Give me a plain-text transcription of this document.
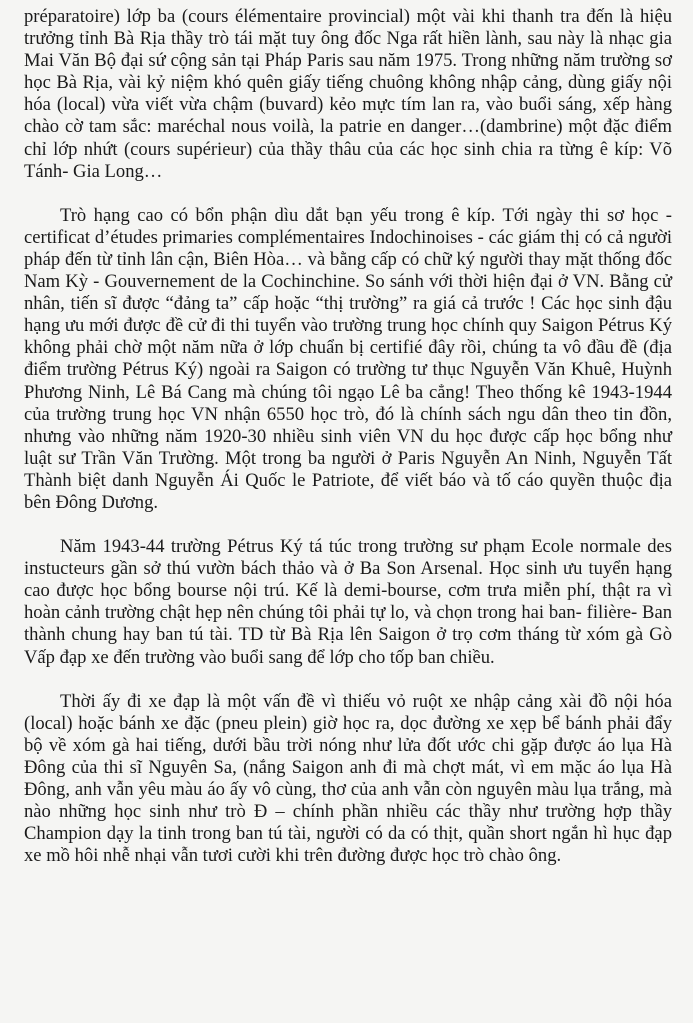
préparatoire) lớp ba (cours élémentaire provincial) một vài khi thanh tra đến là hiệu trưởng tỉnh Bà Rịa thầy trò tái mặt tuy ông đốc Nga rất hiền lành, sau này là nhạc gia Mai Văn Bộ đại sứ cộng sản tại Pháp Paris sau năm 1975. Trong những năm trường sơ học Bà Rịa, vài kỷ niệm khó quên giấy tiếng chuông không nhập cảng, dùng giấy nội hóa (local) vừa viết vừa chậm (buvard) kẻo mực tím lan ra, vào buổi sáng, xếp hàng chào cờ tam sắc: maréchal nous voilà, la patrie en danger…(dambrine) một đặc điểm chỉ lớp nhứt (cours supérieur) của thầy thâu của các học sinh chia ra từng ê kíp: Võ Tánh- Gia Long…

Trò hạng cao có bổn phận dìu dắt bạn yếu trong ê kíp. Tới ngày thi sơ học - certificat d’études primaries complémentaires Indochinoises - các giám thị có cả người pháp đến từ tỉnh lân cận, Biên Hòa… và bằng cấp có chữ ký người thay mặt thống đốc Nam Kỳ - Gouvernement de la Cochinchine. So sánh với thời hiện đại ở VN. Bằng cử nhân, tiến sĩ được “đảng ta” cấp hoặc “thị trường” ra giá cả trước ! Các học sinh đậu hạng ưu mới được đề cử đi thi tuyển vào trường trung học chính quy Saigon Pétrus Ký không phải chờ một năm nữa ở lớp chuẩn bị certifié đây rồi, chúng ta vô đầu đề (địa điểm trường Pétrus Ký) ngoài ra Saigon có trường tư thục Nguyễn Văn Khuê, Huỳnh Phương Ninh, Lê Bá Cang mà chúng tôi ngạo Lê ba cẳng! Theo thống kê 1943-1944 của trường trung học VN nhận 6550 học trò, đó là chính sách ngu dân theo tin đồn, nhưng vào những năm 1920-30 nhiều sinh viên VN du học được cấp học bổng như luật sư Trần Văn Trường. Một trong ba người ở Paris Nguyễn An Ninh, Nguyễn Tất Thành biệt danh Nguyễn Ái Quốc le Patriote, để viết báo và tố cáo quyền thuộc địa bên Đông Dương.

Năm 1943-44 trường Pétrus Ký tá túc trong trường sư phạm Ecole normale des instucteurs gần sở thú vườn bách thảo và ở Ba Son Arsenal. Học sinh ưu tuyển hạng cao được học bổng bourse nội trú. Kế là demi-bourse, cơm trưa miễn phí, thật ra vì hoàn cảnh trường chật hẹp nên chúng tôi phải tự lo, và chọn trong hai ban- filière- Ban thành chung hay ban tú tài. TD từ Bà Rịa lên Saigon ở trọ cơm tháng từ xóm gà Gò Vấp đạp xe đến trường vào buổi sang để lớp cho tốp ban chiều.

Thời ấy đi xe đạp là một vấn đề vì thiếu vỏ ruột xe nhập cảng xài đồ nội hóa (local) hoặc bánh xe đặc (pneu plein) giờ học ra, dọc đường xe xẹp bể bánh phải đẩy bộ về xóm gà hai tiếng, dưới bầu trời nóng như lửa đốt ước chi gặp được áo lụa Hà Đông của thi sĩ Nguyên Sa, (nắng Saigon anh đi mà chợt mát, vì em mặc áo lụa Hà Đông, anh vẫn yêu màu áo ấy vô cùng, thơ của anh vẫn còn nguyên màu lụa trắng, mà nào những học sinh như trò Đ – chính phần nhiều các thầy như trường hợp thầy Champion dạy la tinh trong ban tú tài, người có da có thịt, quần short ngắn hì hục đạp xe mồ hôi nhễ nhại vẫn tươi cười khi trên đường được học trò chào ông.
